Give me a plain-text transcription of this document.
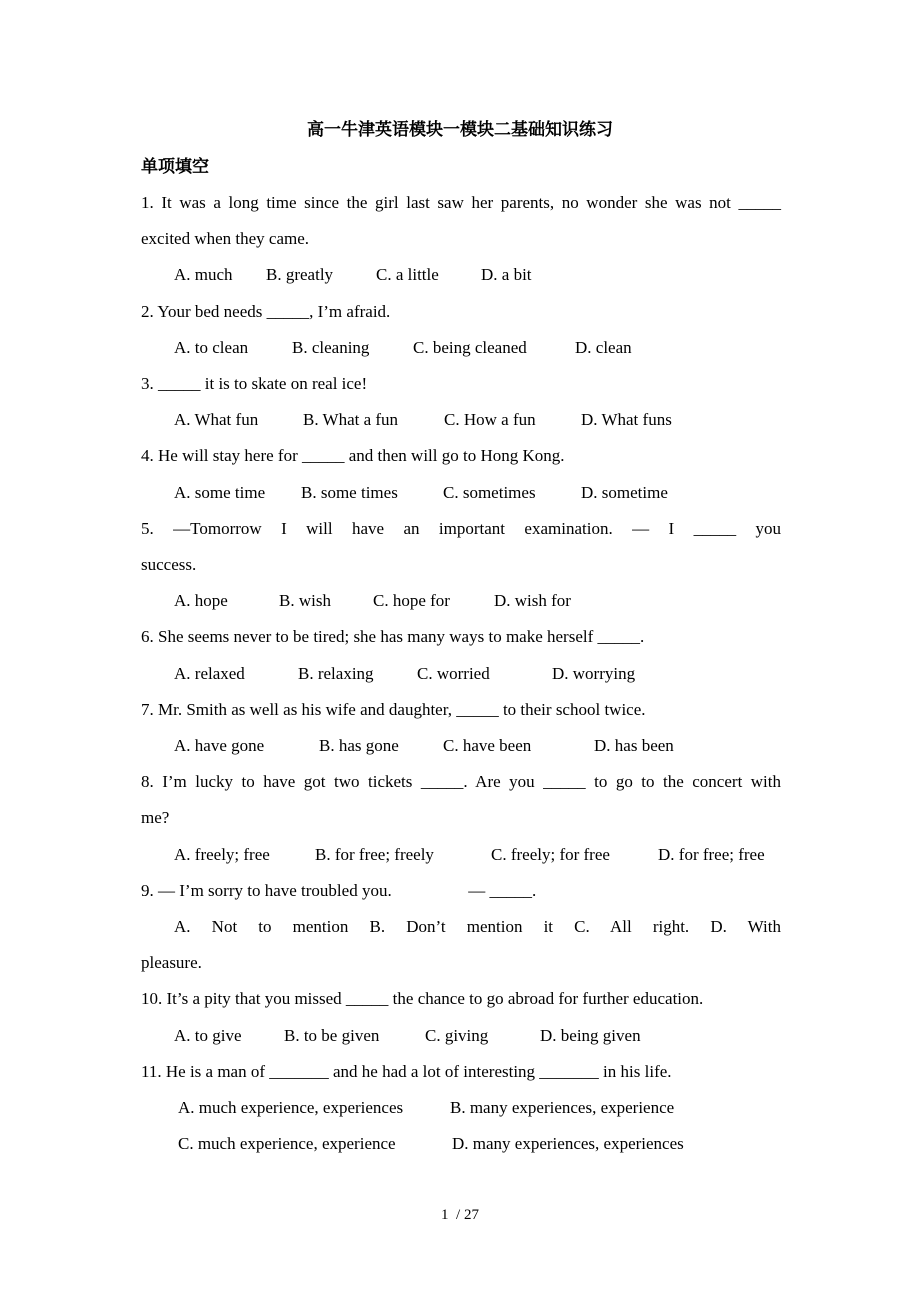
高一牛津英语模块一模块二基础知识练习
单项填空
1. It was a long time since the girl last saw her parents, no wonder she was not _____
excited when they came.
A. much B. greatly	C. a little D. a bit
2. Your bed needs _____, I’m afraid.
A. to clean	B. cleaning	C. being cleaned	D. clean
3. _____ it is to skate on real ice!
A. What fun	B. What a fun	C. How a fun	D. What funs
4. He will stay here for _____ and then will go to Hong Kong.
A. some time B. some times	C. sometimes	D. sometime
5. —Tomorrow I will have an important examination. — I _____ you
success.
A. hope	B. wish C. hope for	D. wish for
6. She seems never to be tired; she has many ways to make herself _____.
A. relaxed	B. relaxing	C. worried	D. worrying
7. Mr. Smith as well as his wife and daughter, _____ to their school twice.
A. have gone	B. has gone	C. have been	D. has been
8. I’m lucky to have got two tickets _____. Are you _____ to go to the concert with
me?
A. freely; free	B. for free; freely	C. freely; for free	D. for free; free
9. — I’m sorry to have troubled you.                  — _____.
A. Not to mention B. Don’t mention it C. All right. D. With
pleasure.
10. It’s a pity that you missed _____ the chance to go abroad for further education.
A. to give B. to be given	C. giving	D. being given
11. He is a man of _______ and he had a lot of interesting _______ in his life.
A. much experience, experiences	B. many experiences, experience
C. much experience, experience	D. many experiences, experiences
1  / 27
